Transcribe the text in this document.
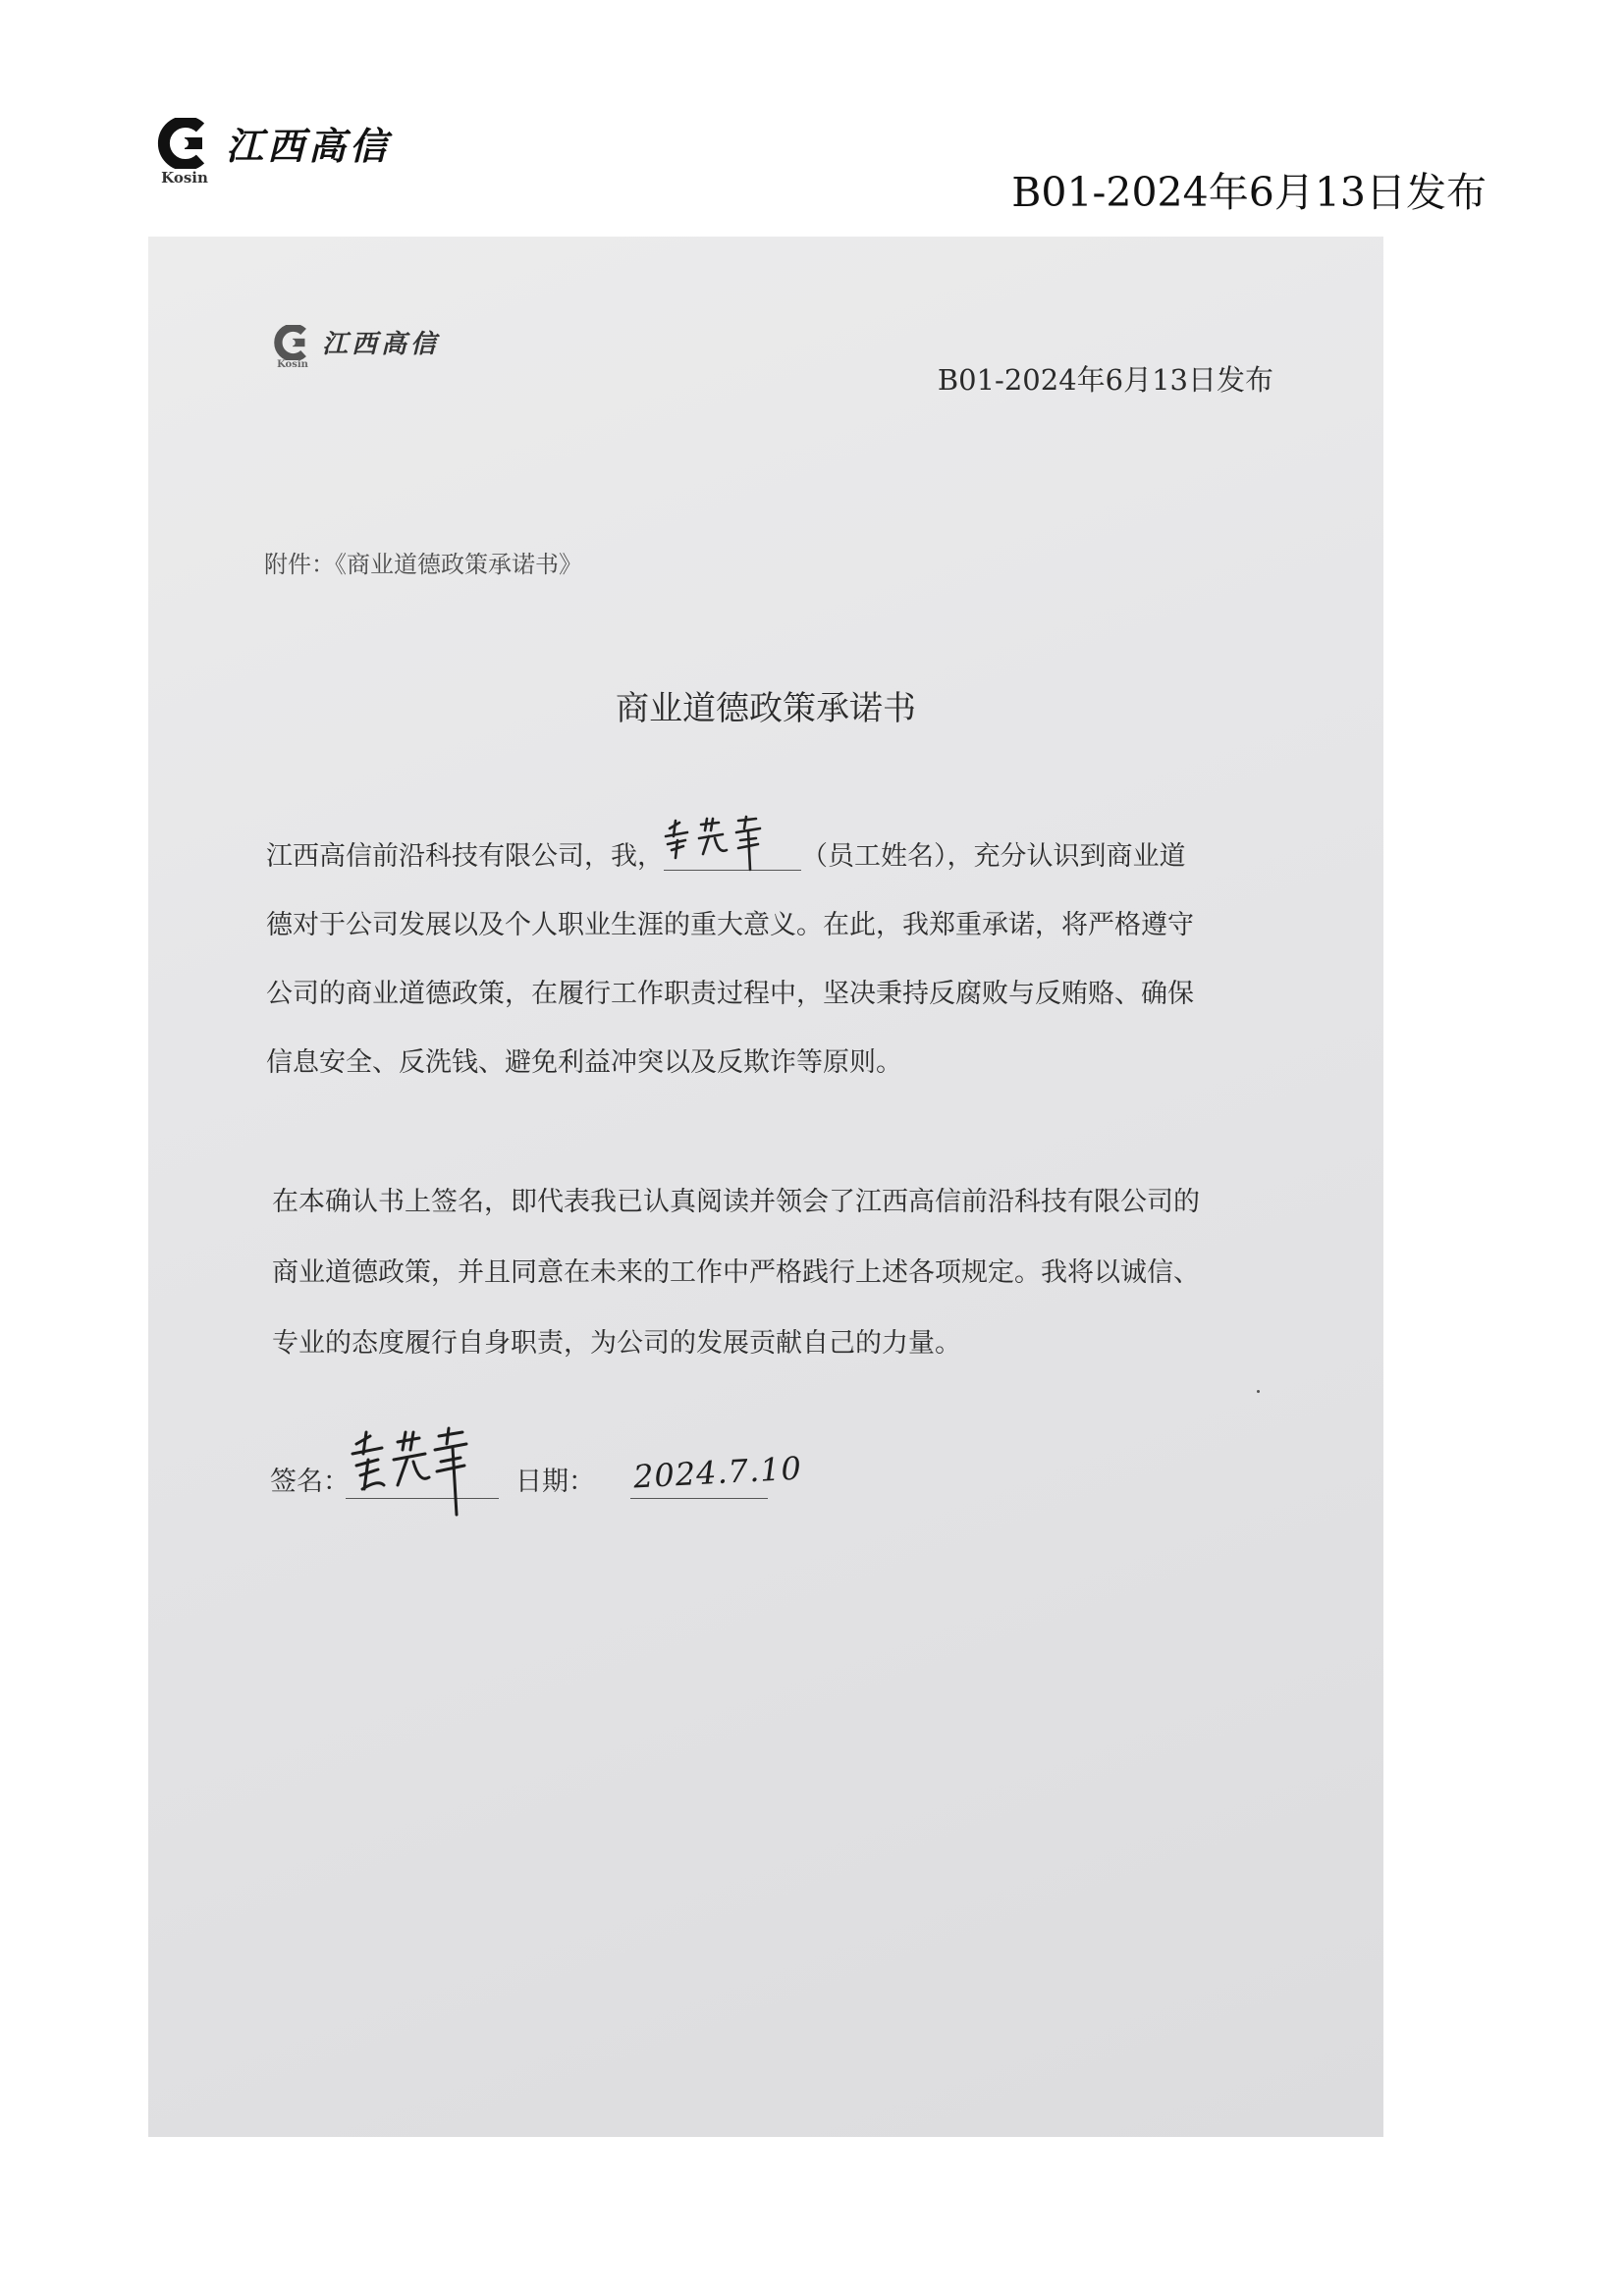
Kosin
江西高信
B01-2024年6月13日发布
Kosin
江西高信
B01-2024年6月13日发布
附件：《商业道德政策承诺书》
商业道德政策承诺书
江西高信前沿科技有限公司，我，	（员工姓名），充分认识到商业道
德对于公司发展以及个人职业生涯的重大意义。在此，我郑重承诺，将严格遵守
公司的商业道德政策，在履行工作职责过程中，坚决秉持反腐败与反贿赂、确保
信息安全、反洗钱、避免利益冲突以及反欺诈等原则。
在本确认书上签名，即代表我已认真阅读并领会了江西高信前沿科技有限公司的
商业道德政策，并且同意在未来的工作中严格践行上述各项规定。我将以诚信、
专业的态度履行自身职责，为公司的发展贡献自己的力量。
签名：	日期： 2024.7.10
